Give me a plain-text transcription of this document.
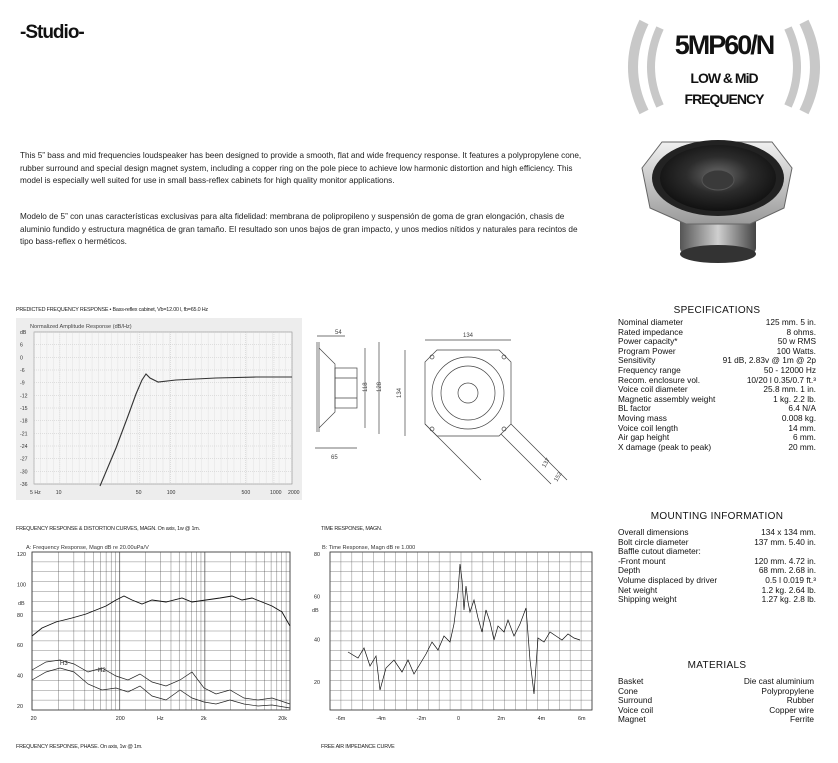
-Studio-	5MP60/N
LOW & MiD
FREQUENCY
This 5” bass and mid frequencies loudspeaker has been designed to provide a smooth, flat and wide frequency response. It features a polypropylene cone, rubber surround and special design magnet system, including a copper ring on the pole piece to achieve low harmonic distortion and high efficiency. This model is especially well suited for use in small bass-reflex cabinets for high quality monitor applications.
Modelo de 5” con unas características exclusivas para alta fidelidad: membrana de polipropileno y suspensión de goma de gran elongación, chasis de aluminio fundido y estructura magnética de gran tamaño. El resultado son unos bajos de gran impacto, y unos medios nítidos y naturales para recintos de tipo bass-reflex o herméticos.
PREDICTED FREQUENCY RESPONSE • Bass-reflex cabinet, Vb=12.00 l, fb=65.0 Hz
Normalized Amplitude Response (dB/Hz)
dB
6
0
-6
-9
-12
-15
-18
-21
-24
-27
-30
-36
5 Hz	10	50	100	500	1000 2000
54
118 128
65
134
134
137
152
FREQUENCY RESPONSE & DISTORTION CURVES, MAGN. On axis, 1w @ 1m.	TIME RESPONSE, MAGN.
A: Frequency Response, Magn dB re 20.00uPa/V
120
100
80
60
40
20
20	200	Hz	2k	20k
dB
H3
H2
B: Time Response, Magn dB re 1.000
80
60
40
20
-6m	-4m	-2m	0	2m	4m	6m
dB
FREQUENCY RESPONSE, PHASE. On axis, 1w @ 1m.	FREE AIR IMPEDANCE CURVE
SPECIFICATIONS
Nominal diameter	125 mm. 5 in.
Rated impedance	8 ohms.
Power capacity*	50 w RMS
Program Power	100 Watts.
Sensitivity	91 dB, 2.83v @ 1m @ 2p
Frequency range	50 - 12000 Hz
Recom. enclosure vol.	10/20 l 0.35/0.7 ft.³
Voice coil diameter	25.8 mm. 1 in.
Magnetic assembly weight	1 kg. 2.2 lb.
BL factor	6.4 N/A
Moving mass	0.008 kg.
Voice coil length	14 mm.
Air gap height	6 mm.
X damage (peak to peak)	20 mm.
MOUNTING INFORMATION
Overall dimensions	134 x 134 mm.
Bolt circle diameter	137 mm. 5.40 in.
Baffle cutout diameter:	
-Front mount	120 mm. 4.72 in.
Depth	68 mm. 2.68 in.
Volume displaced by driver	0.5 l 0.019 ft.³
Net weight	1.2 kg. 2.64 lb.
Shipping weight	1.27 kg. 2.8 lb.
MATERIALS
Basket	Die cast aluminium
Cone	Polypropylene
Surround	Rubber
Voice coil	Copper wire
Magnet	Ferrite
